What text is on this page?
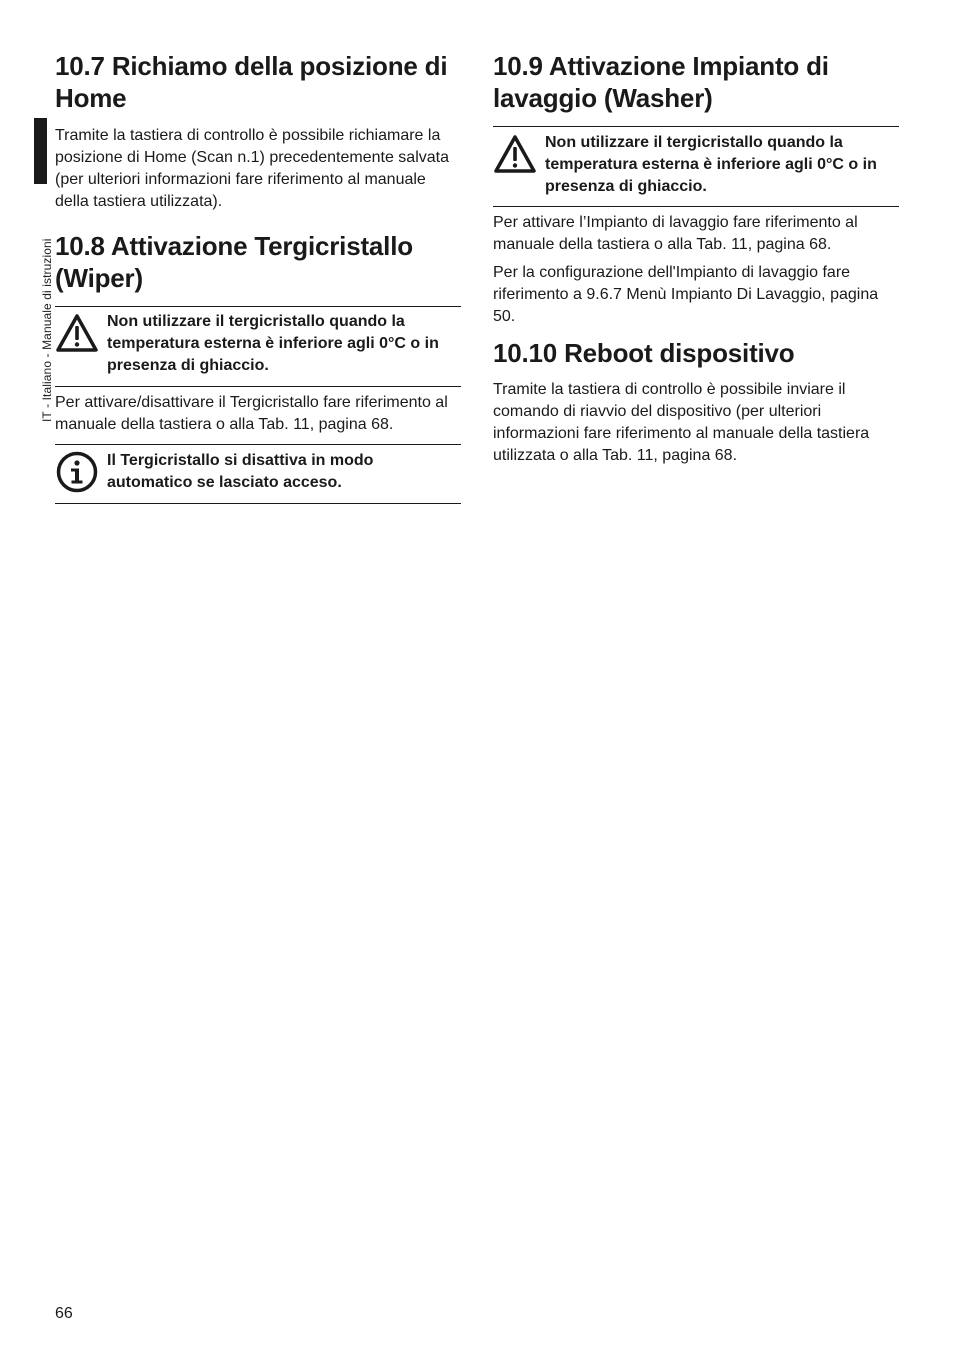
IT - Italiano - Manuale di istruzioni
10.7 Richiamo della posizione di Home

Tramite la tastiera di controllo è possibile richiamare la posizione di Home (Scan n.1) precedentemente salvata (per ulteriori informazioni fare riferimento al manuale della tastiera utilizzata).

10.8 Attivazione Tergicristallo (Wiper)
Non utilizzare il tergicristallo quando la temperatura esterna è inferiore agli 0°C o in presenza di ghiaccio.

Per attivare/disattivare il Tergicristallo fare riferimento al manuale della tastiera o alla Tab. 11, pagina 68.

Il Tergicristallo si disattiva in modo automatico se lasciato acceso.
10.9 Attivazione Impianto di lavaggio (Washer)
Non utilizzare il tergicristallo quando la temperatura esterna è inferiore agli 0°C o in presenza di ghiaccio.

Per attivare l’Impianto di lavaggio fare riferimento al manuale della tastiera o alla Tab. 11, pagina 68.

Per la configurazione dell'Impianto di lavaggio fare riferimento a 9.6.7 Menù Impianto Di Lavaggio, pagina 50.

10.10 Reboot dispositivo

Tramite la tastiera di controllo è possibile inviare il comando di riavvio del dispositivo (per ulteriori informazioni fare riferimento al manuale della tastiera utilizzata o alla Tab. 11, pagina 68.

66
